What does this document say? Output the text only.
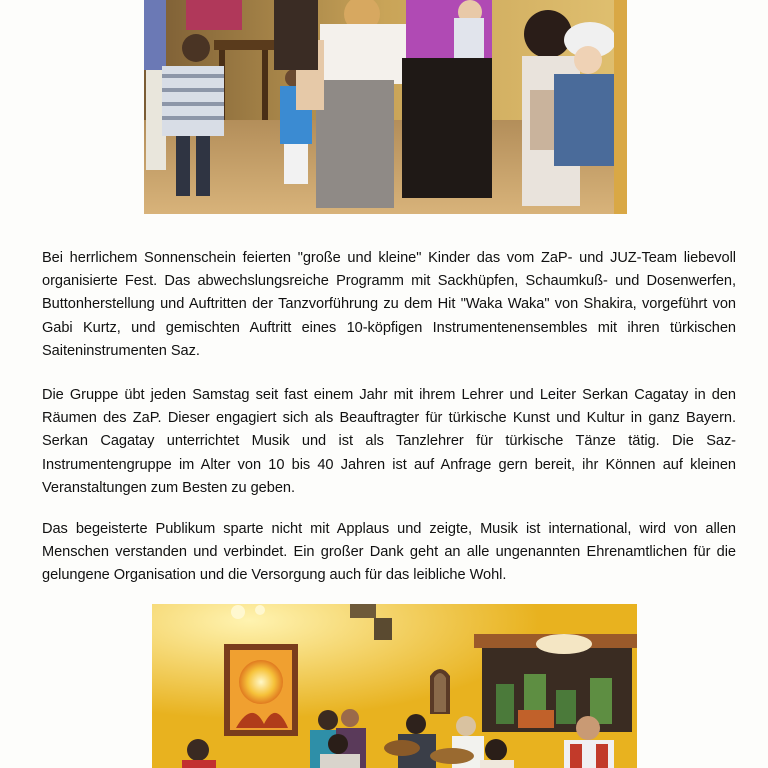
Bei herrlichem Sonnenschein feierten "große und kleine" Kinder das vom ZaP- und JUZ-Team liebevoll organisierte Fest. Das abwechslungsreiche Programm mit Sackhüpfen, Schaumkuß- und Dosenwerfen, Buttonherstellung und Auftritten der Tanzvorführung zu dem Hit "Waka Waka" von Shakira, vorgeführt von Gabi Kurtz, und gemischten Auftritt eines 10-köpfigen Instrumentenensembles mit ihren türkischen Saiteninstrumenten Saz.

Die Gruppe übt jeden Samstag seit fast einem Jahr mit ihrem Lehrer und Leiter Serkan Cagatay in den Räumen des ZaP. Dieser engagiert sich als Beauftragter für türkische Kunst und Kultur in ganz Bayern. Serkan Cagatay unterrichtet Musik und ist als Tanzlehrer für türkische Tänze tätig. Die Saz-Instrumentengruppe im Alter von 10 bis 40 Jahren ist auf Anfrage gern bereit, ihr Können auf kleinen Veranstaltungen zum Besten zu geben.

Das begeisterte Publikum sparte nicht mit Applaus und zeigte, Musik ist international, wird von allen Menschen verstanden und verbindet. Ein großer Dank geht an alle ungenannten Ehrenamtlichen für die gelungene Organisation und die Versorgung auch für das leibliche Wohl.
